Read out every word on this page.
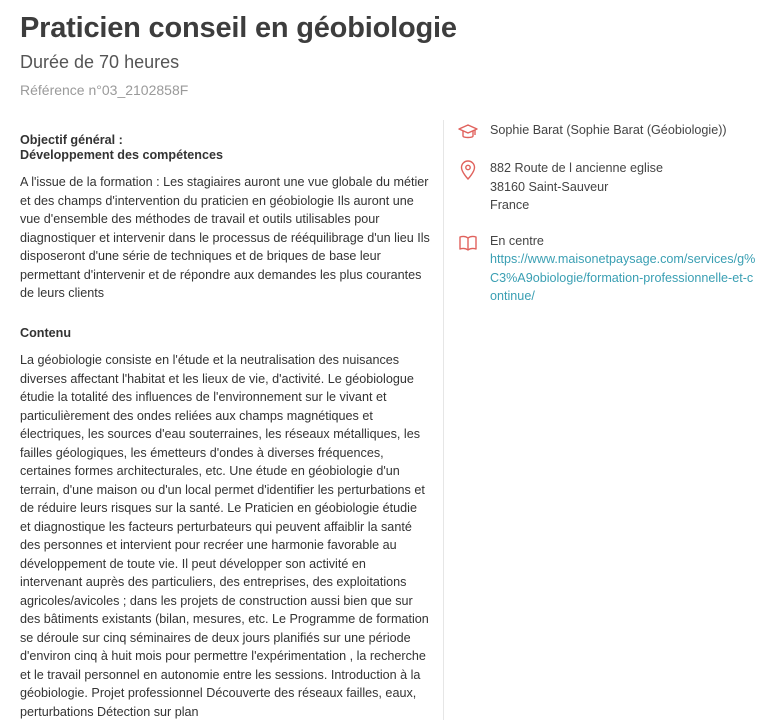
Praticien conseil en géobiologie
Durée de 70 heures
Référence n°03_2102858F
Objectif général :
Développement des compétences

A l'issue de la formation : Les stagiaires auront une vue globale du métier et des champs d'intervention du praticien en géobiologie Ils auront une vue d'ensemble des méthodes de travail et outils utilisables pour diagnostiquer et intervenir dans le processus de rééquilibrage d'un lieu Ils disposeront d'une série de techniques et de briques de base leur permettant d'intervenir et de répondre aux demandes les plus courantes de leurs clients

Contenu

La géobiologie consiste en l'étude et la neutralisation des nuisances diverses affectant l'habitat et les lieux de vie, d'activité. Le géobiologue étudie la totalité des influences de l'environnement sur le vivant et particulièrement des ondes reliées aux champs magnétiques et électriques, les sources d'eau souterraines, les réseaux métalliques, les failles géologiques, les émetteurs d'ondes à diverses fréquences, certaines formes architecturales, etc. Une étude en géobiologie d'un terrain, d'une maison ou d'un local permet d'identifier les perturbations et de réduire leurs risques sur la santé. Le Praticien en géobiologie étudie et diagnostique les facteurs perturbateurs qui peuvent affaiblir la santé des personnes et intervient pour recréer une harmonie favorable au développement de toute vie. Il peut développer son activité en intervenant auprès des particuliers, des entreprises, des exploitations agricoles/avicoles ; dans les projets de construction aussi bien que sur des bâtiments existants (bilan, mesures, etc. Le Programme de formation se déroule sur cinq séminaires de deux jours planifiés sur une période d'environ cinq à huit mois pour permettre l'expérimentation , la recherche et le travail personnel en autonomie entre les sessions. Introduction à la géobiologie. Projet professionnel Découverte des réseaux failles, eaux, perturbations Détection sur plan

Sophie Barat (Sophie Barat (Géobiologie))
882 Route de l ancienne eglise
38160 Saint-Sauveur
France
En centre
https://www.maisonetpaysage.com/services/g%C3%A9obiologie/formation-professionnelle-et-continue/
